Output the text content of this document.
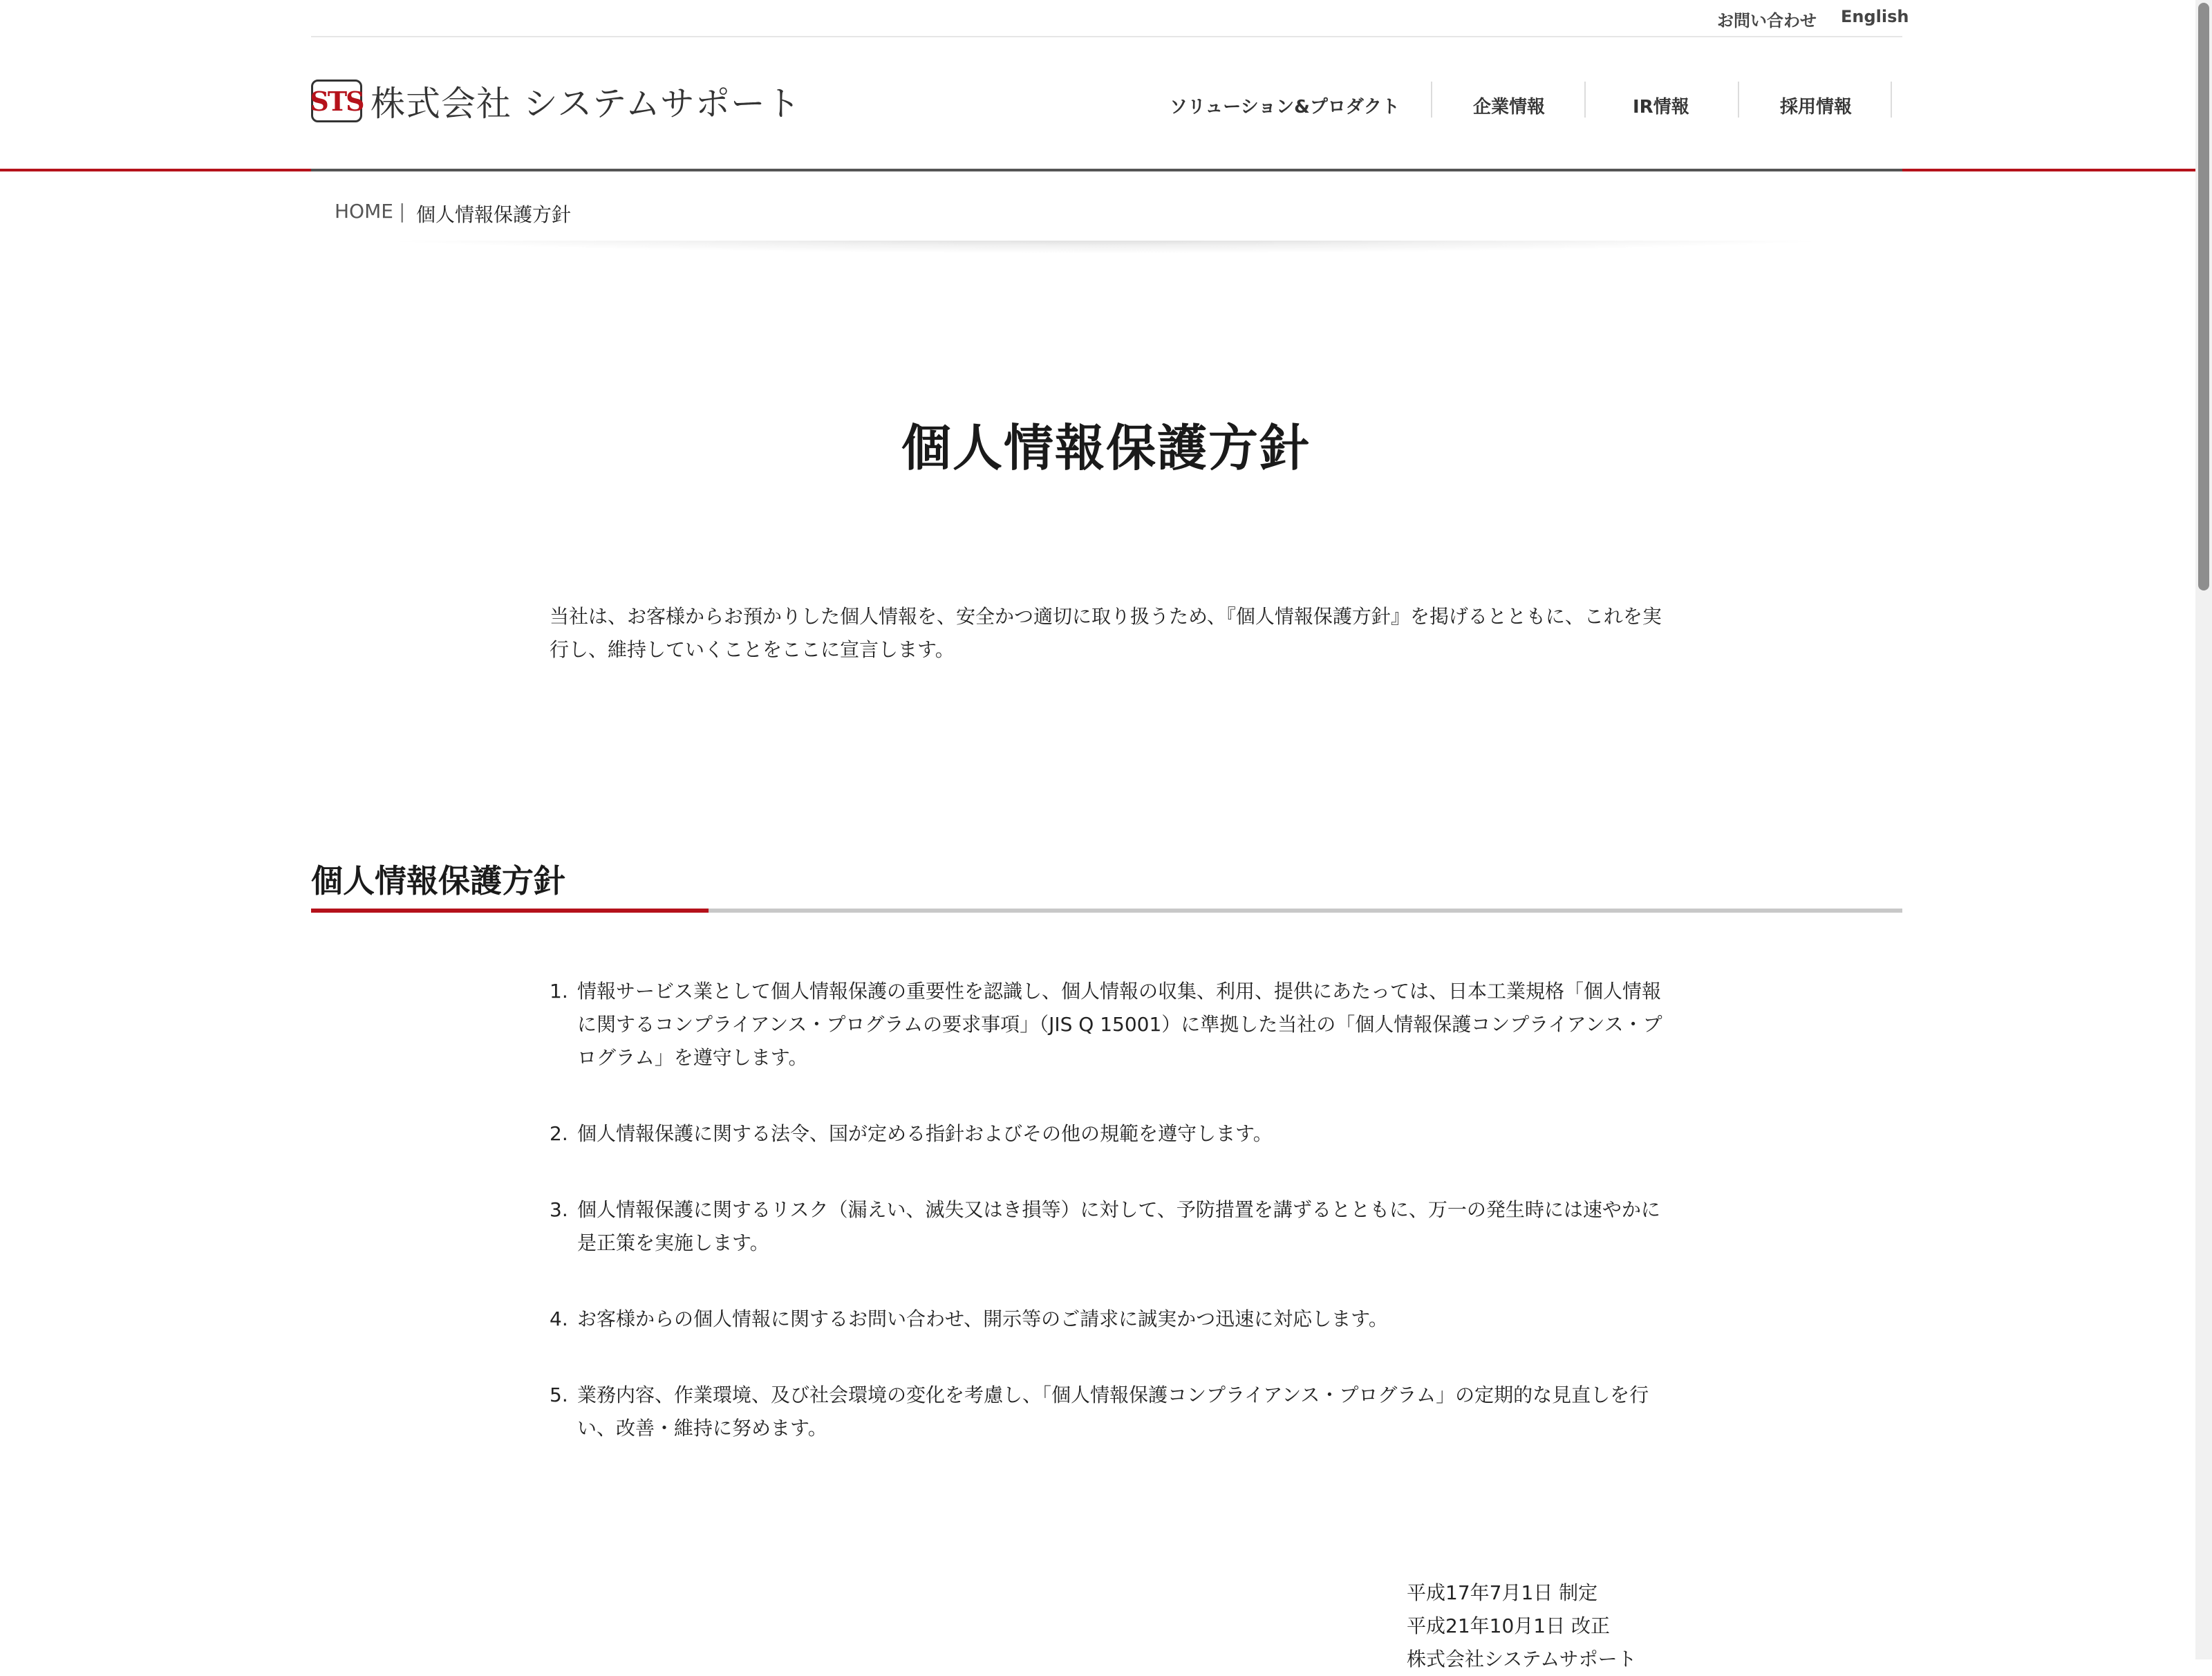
お問い合わせ English
STS 株式会社 システムサポート	ソリューション&プロダクト	企業情報	IR情報	採用情報
HOME | 個人情報保護方針
個人情報保護方針

当社は、お客様からお預かりした個人情報を、安全かつ適切に取り扱うため、『個人情報保護方針』を掲げるとともに、これを実行し、維持していくことをここに宣言します。

個人情報保護方針
1. 情報サービス業として個人情報保護の重要性を認識し、個人情報の収集、利用、提供にあたっては、日本工業規格「個人情報に関するコンプライアンス・プログラムの要求事項」（JIS Q 15001）に準拠した当社の「個人情報保護コンプライアンス・プログラム」を遵守します。
2. 個人情報保護に関する法令、国が定める指針およびその他の規範を遵守します。
3. 個人情報保護に関するリスク（漏えい、滅失又はき損等）に対して、予防措置を講ずるとともに、万一の発生時には速やかに是正策を実施します。
4. お客様からの個人情報に関するお問い合わせ、開示等のご請求に誠実かつ迅速に対応します。
5. 業務内容、作業環境、及び社会環境の変化を考慮し、「個人情報保護コンプライアンス・プログラム」の定期的な見直しを行い、改善・維持に努めます。
平成17年7月1日 制定
平成21年10月1日 改正
株式会社システムサポート
